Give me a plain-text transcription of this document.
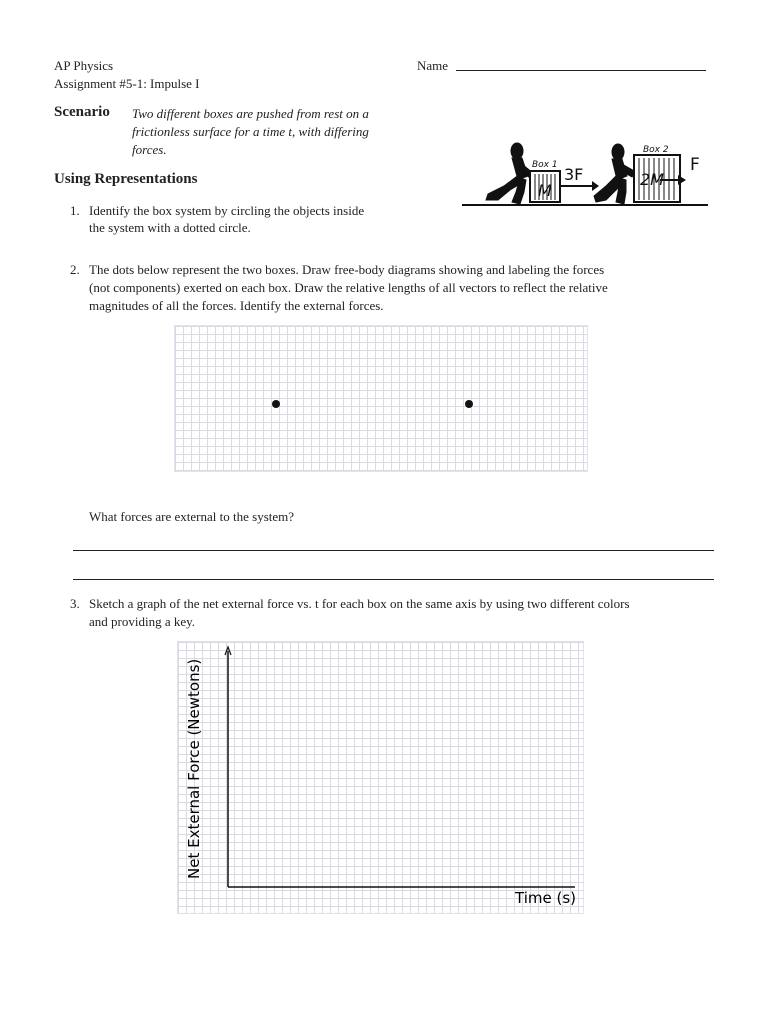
AP Physics
Assignment #5-1: Impulse I
Name
Scenario Two different boxes are pushed from rest on a
frictionless surface for a time t, with differing
forces.
Box 1
M
3F
Box 2
2M
F
Using Representations
1. Identify the box system by circling the objects inside
the system with a dotted circle.
2. The dots below represent the two boxes. Draw free-body diagrams showing and labeling the forces
(not components) exerted on each box. Draw the relative lengths of all vectors to reflect the relative
magnitudes of all the forces. Identify the external forces.
What forces are external to the system?
3. Sketch a graph of the net external force vs. t for each box on the same axis by using two different colors
and providing a key.
Time (s)
Net External Force (Newtons)
